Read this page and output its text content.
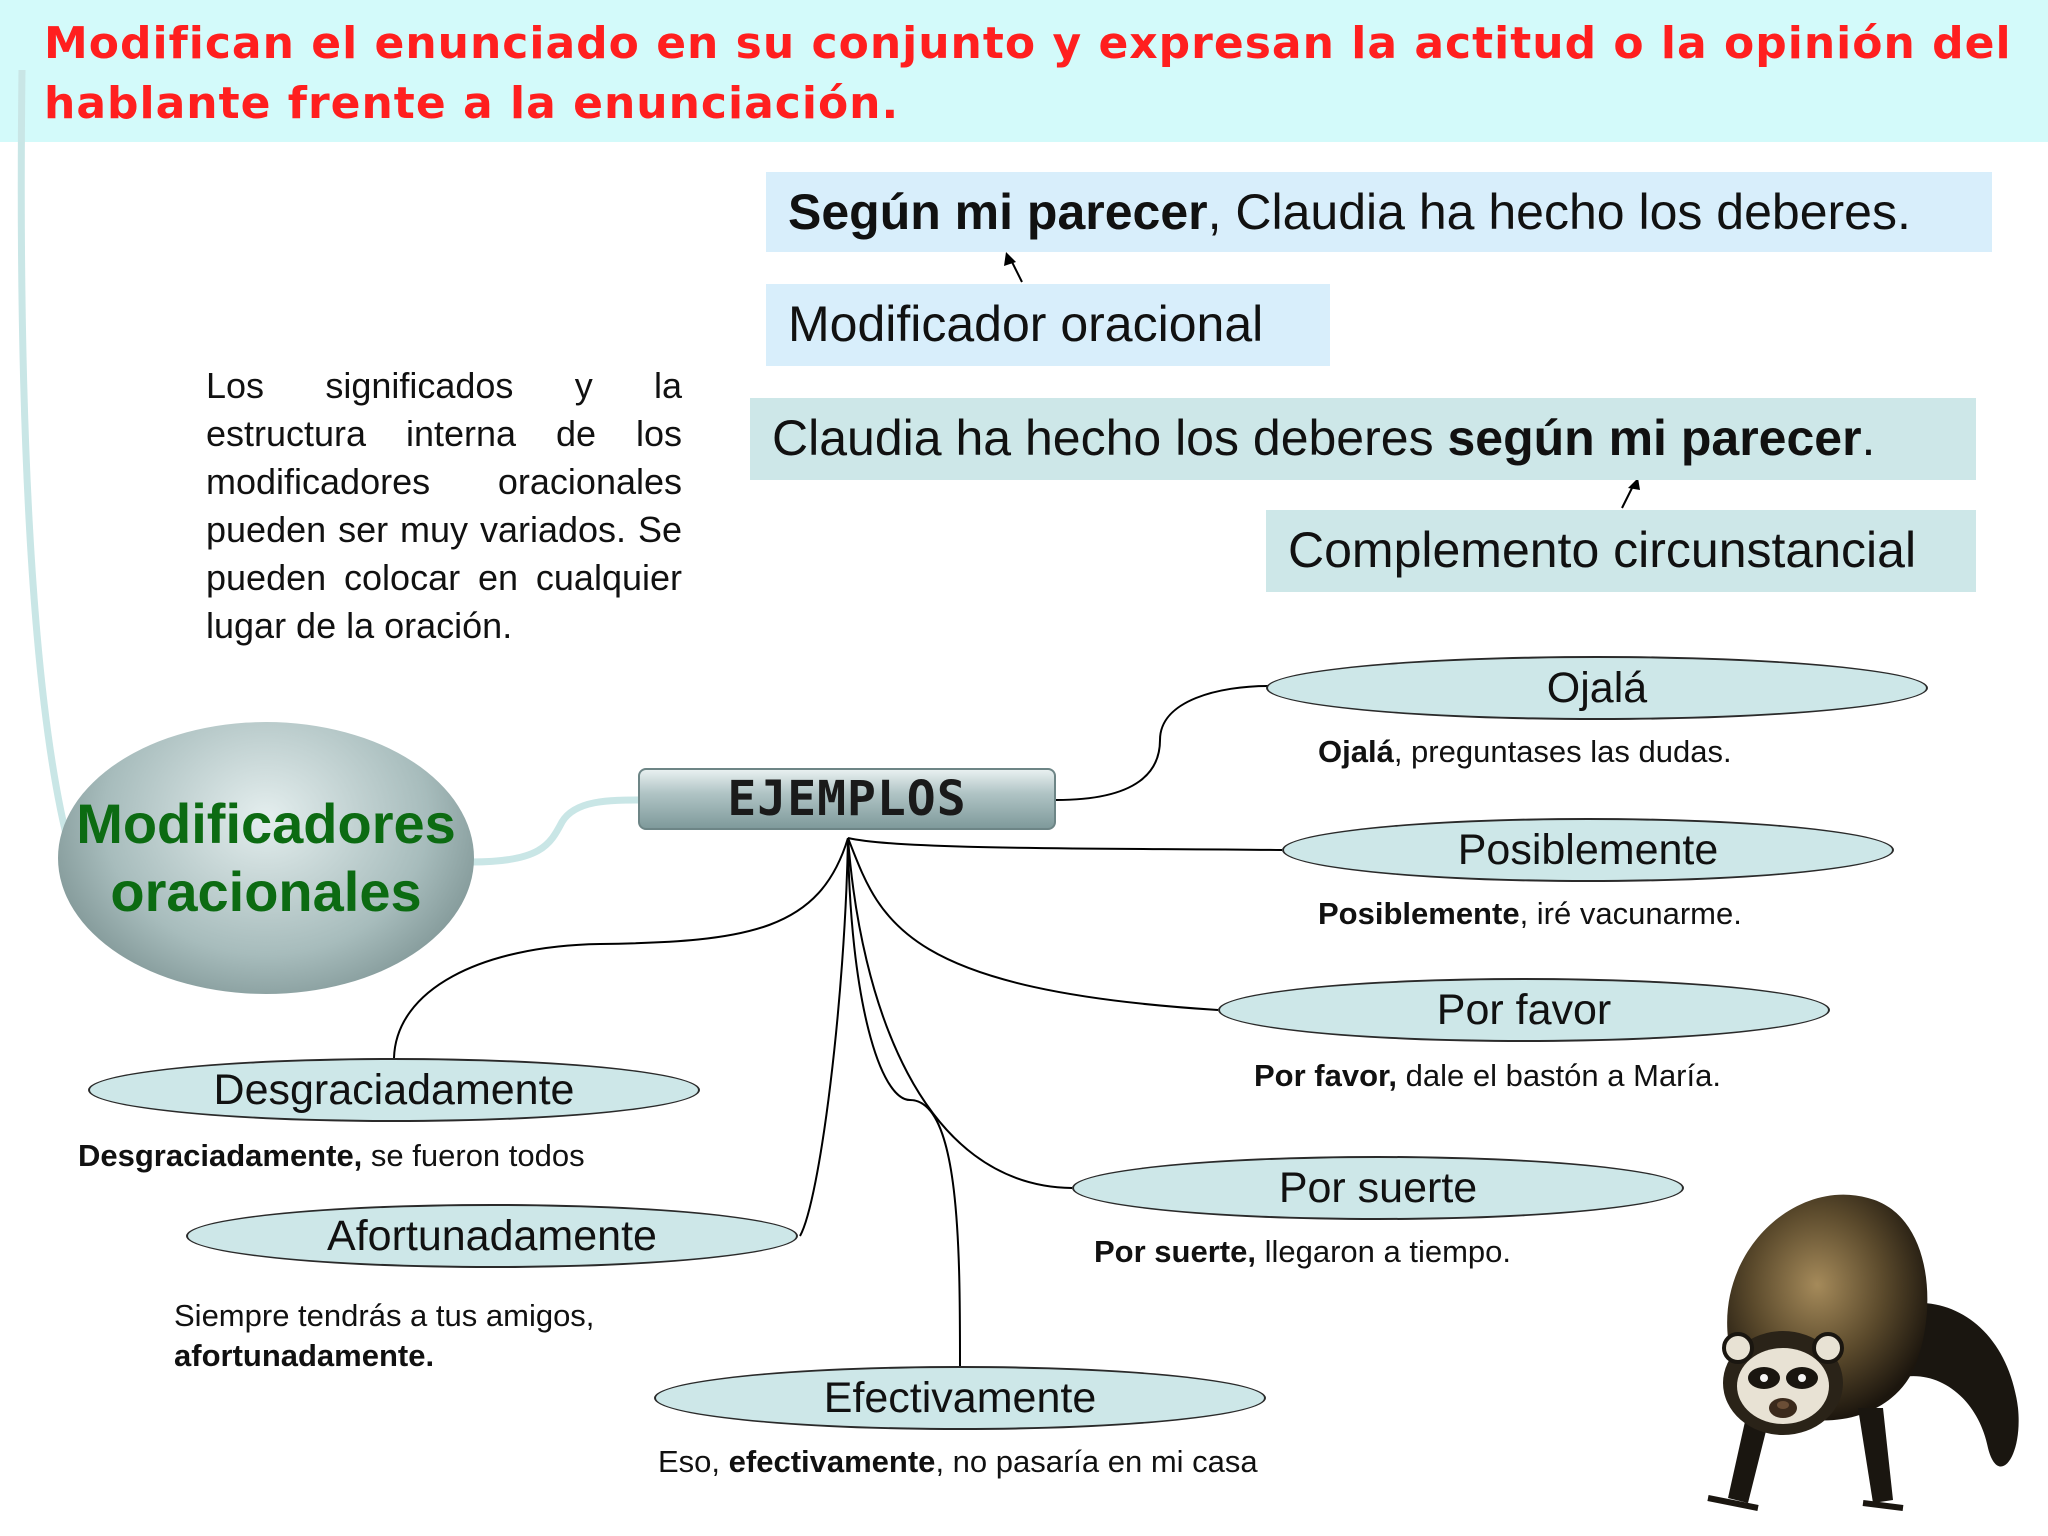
Modifican el enunciado en su conjunto y expresan la actitud o la opinión del hablante frente a la enunciación.
Según mi parecer, Claudia ha hecho los deberes.
Modificador oracional
Claudia ha hecho los deberes según mi parecer.
Complemento circunstancial
Los significados y la estructura interna de los modificadores oracionales pueden ser muy variados. Se pueden colocar en cualquier lugar de la oración.
Modificadores
oracionales
EJEMPLOS
Ojalá
Ojalá, preguntases las dudas.
Posiblemente
Posiblemente, iré vacunarme.
Por favor
Por favor, dale el bastón a María.
Por suerte
Por suerte, llegaron a tiempo.
Desgraciadamente
Desgraciadamente, se fueron todos
Afortunadamente
Siempre tendrás a tus amigos,
afortunadamente.
Efectivamente
Eso, efectivamente, no pasaría en mi casa
